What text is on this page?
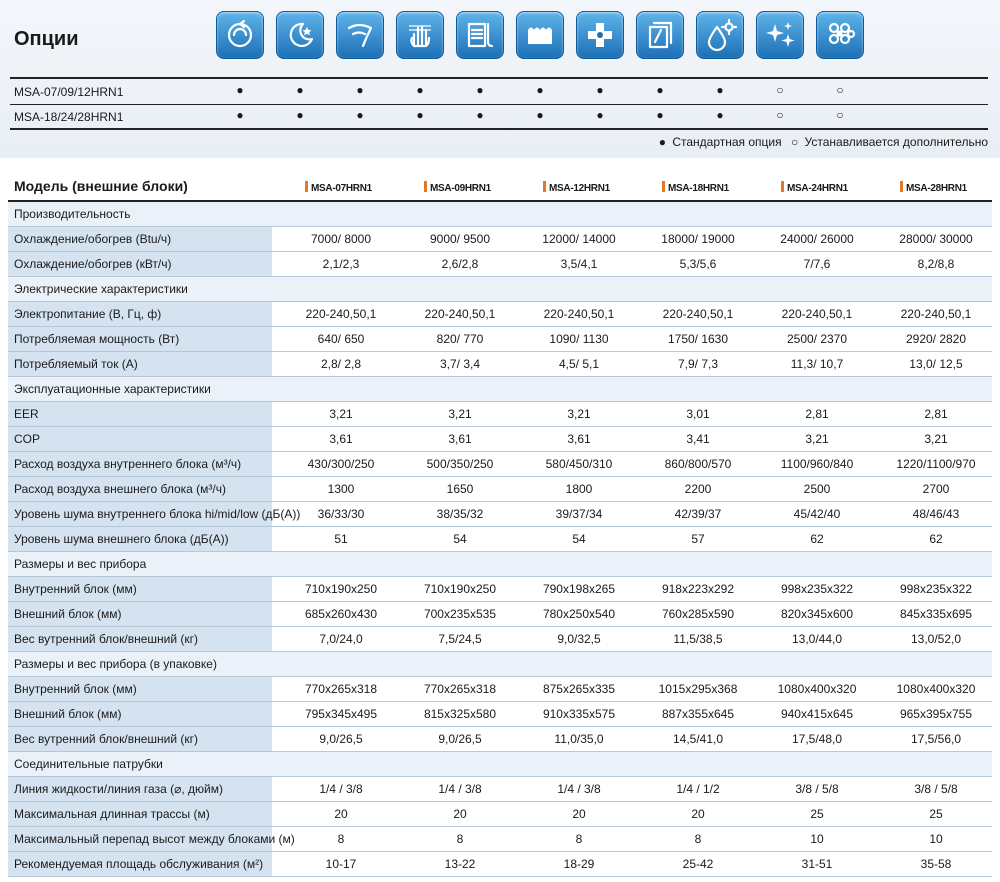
Опции
MSA-07/09/12HRN1	●	●	●	●	●	●	●	●	●	○	○
MSA-18/24/28HRN1	●	●	●	●	●	●	●	●	●	○	○
● Стандартная опция ○ Устанавливается дополнительно
Модель (внешние блоки)	MSA-07HRN1	MSA-09HRN1	MSA-12HRN1	MSA-18HRN1	MSA-24HRN1	MSA-28HRN1
Производительность
Охлаждение/обогрев (Btu/ч)	7000/ 8000	9000/ 9500	12000/ 14000	18000/ 19000	24000/ 26000	28000/ 30000
Охлаждение/обогрев (кВт/ч)	2,1/2,3	2,6/2,8	3,5/4,1	5,3/5,6	7/7,6	8,2/8,8
Электрические характеристики
Электропитание (В, Гц, ф)	220-240,50,1	220-240,50,1	220-240,50,1	220-240,50,1	220-240,50,1	220-240,50,1
Потребляемая мощность (Вт)	640/ 650	820/ 770	1090/ 1130	1750/ 1630	2500/ 2370	2920/ 2820
Потребляемый ток (А)	2,8/ 2,8	3,7/ 3,4	4,5/ 5,1	7,9/ 7,3	11,3/ 10,7	13,0/ 12,5
Эксплуатационные характеристики
EER	3,21	3,21	3,21	3,01	2,81	2,81
COP	3,61	3,61	3,61	3,41	3,21	3,21
Расход воздуха внутреннего блока (м³/ч)	430/300/250	500/350/250	580/450/310	860/800/570	1100/960/840	1220/1100/970
Расход воздуха внешнего блока (м³/ч)	1300	1650	1800	2200	2500	2700
Уровень шума внутреннего блока hi/mid/low (дБ(А))	36/33/30	38/35/32	39/37/34	42/39/37	45/42/40	48/46/43
Уровень шума внешнего блока (дБ(А))	51	54	54	57	62	62
Размеры и вес прибора
Внутренний блок (мм)	710х190х250	710х190х250	790х198х265	918х223х292	998х235х322	998х235х322
Внешний блок (мм)	685х260х430	700х235х535	780х250х540	760х285х590	820х345х600	845х335х695
Вес вутренний блок/внешний (кг)	7,0/24,0	7,5/24,5	9,0/32,5	11,5/38,5	13,0/44,0	13,0/52,0
Размеры и вес прибора (в упаковке)
Внутренний блок (мм)	770х265х318	770х265х318	875х265х335	1015х295х368	1080х400х320	1080х400х320
Внешний блок (мм)	795х345х495	815х325х580	910х335х575	887х355х645	940х415х645	965х395х755
Вес вутренний блок/внешний (кг)	9,0/26,5	9,0/26,5	11,0/35,0	14,5/41,0	17,5/48,0	17,5/56,0
Соединительные патрубки
Линия жидкости/линия газа (⌀, дюйм)	1/4 / 3/8	1/4 / 3/8	1/4 / 3/8	1/4 / 1/2	3/8 / 5/8	3/8 / 5/8
Максимальная длинная трассы (м)	20	20	20	20	25	25
Максимальный перепад высот между блоками (м)	8	8	8	8	10	10
Рекомендуемая площадь обслуживания (м²)	10-17	13-22	18-29	25-42	31-51	35-58
